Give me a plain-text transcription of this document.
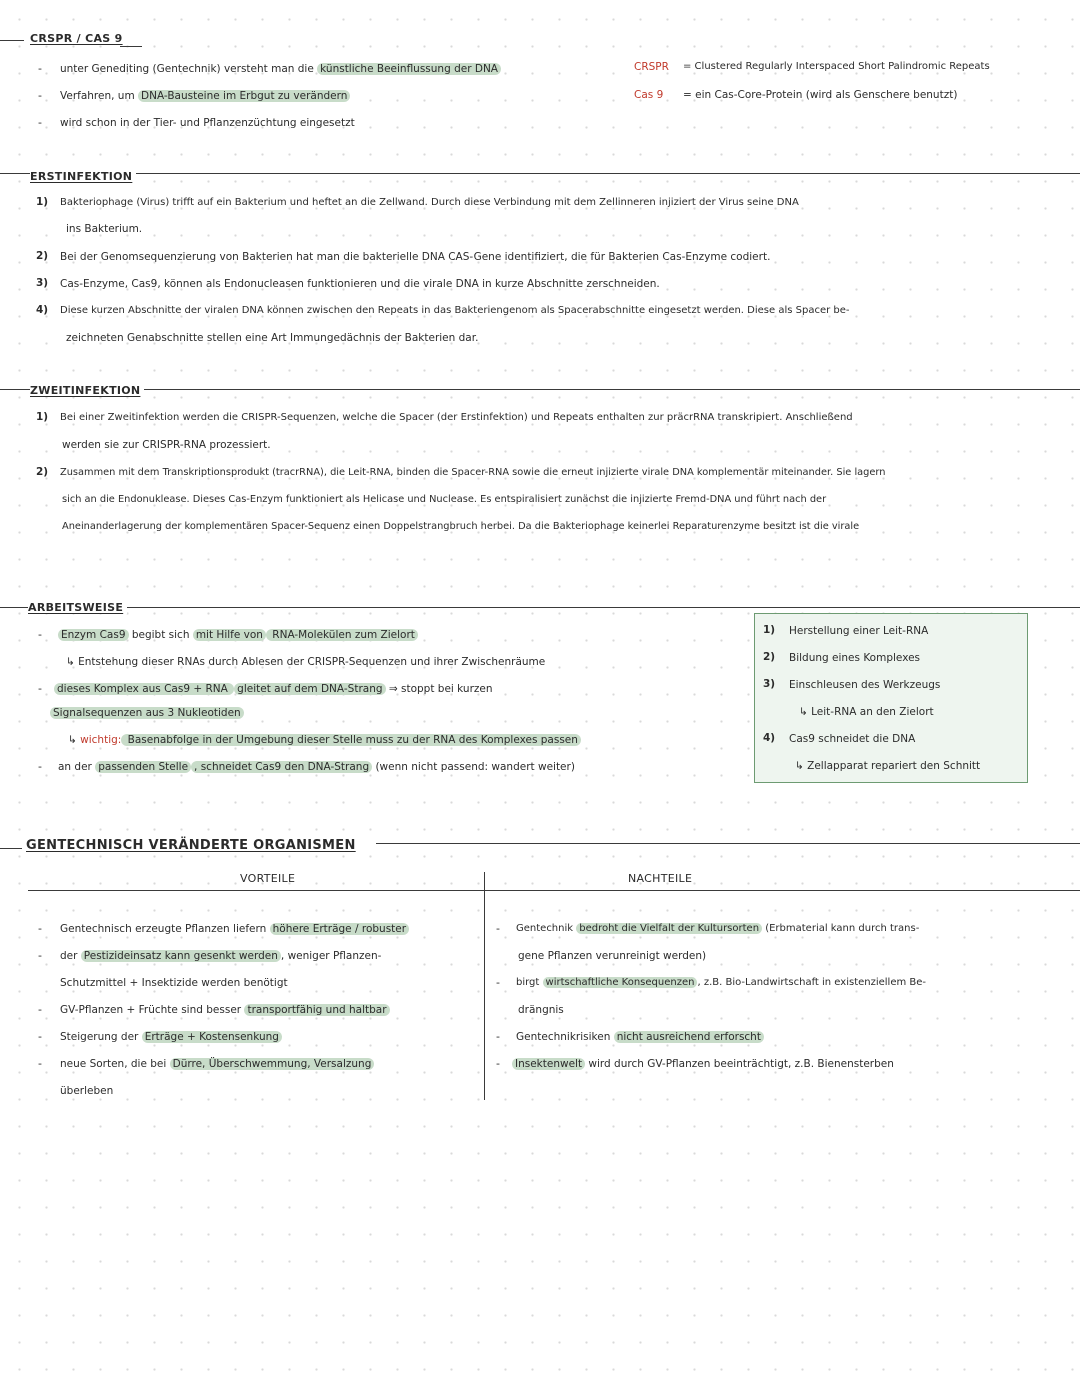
CRSPR / CAS 9
- unter Genediting (Gentechnik) versteht man die künstliche Beeinflussung der DNA
- Verfahren, um DNA-Bausteine im Erbgut zu verändern
- wird schon in der Tier- und Pflanzenzüchtung eingesetzt
CRSPR = Clustered Regularly Interspaced Short Palindromic Repeats
Cas 9 = ein Cas-Core-Protein (wird als Genschere benutzt)
ERSTINFEKTION
1) Bakteriophage (Virus) trifft auf ein Bakterium und heftet an die Zellwand. Durch diese Verbindung mit dem Zellinneren injiziert der Virus seine DNA
ins Bakterium.
2) Bei der Genomsequenzierung von Bakterien hat man die bakterielle DNA CAS-Gene identifiziert, die für Bakterien Cas-Enzyme codiert.
3) Cas-Enzyme, Cas9, können als Endonucleasen funktionieren und die virale DNA in kurze Abschnitte zerschneiden.
4) Diese kurzen Abschnitte der viralen DNA können zwischen den Repeats in das Bakteriengenom als Spacerabschnitte eingesetzt werden. Diese als Spacer be-
zeichneten Genabschnitte stellen eine Art Immungedächnis der Bakterien dar.
ZWEITINFEKTION
1) Bei einer Zweitinfektion werden die CRISPR-Sequenzen, welche die Spacer (der Erstinfektion) und Repeats enthalten zur präcrRNA transkripiert. Anschließend
werden sie zur CRISPR-RNA prozessiert.
2) Zusammen mit dem Transkriptionsprodukt (tracrRNA), die Leit-RNA, binden die Spacer-RNA sowie die erneut injizierte virale DNA komplementär miteinander. Sie lagern
sich an die Endonuklease. Dieses Cas-Enzym funktioniert als Helicase und Nuclease. Es entspiralisiert zunächst die injizierte Fremd-DNA und führt nach der
Aneinanderlagerung der komplementären Spacer-Sequenz einen Doppelstrangbruch herbei. Da die Bakteriophage keinerlei Reparaturenzyme besitzt ist die virale
ARBEITSWEISE
- Enzym Cas9 begibt sich mit Hilfe von RNA-Molekülen zum Zielort
↳ Entstehung dieser RNAs durch Ablesen der CRISPR-Sequenzen und ihrer Zwischenräume
- dieses Komplex aus Cas9 + RNA gleitet auf dem DNA-Strang ⇒ stoppt bei kurzen
Signalsequenzen aus 3 Nukleotiden
↳ wichtig: Basenabfolge in der Umgebung dieser Stelle muss zu der RNA des Komplexes passen
- an der passenden Stelle , schneidet Cas9 den DNA-Strang (wenn nicht passend: wandert weiter)
1) Herstellung einer Leit-RNA
2) Bildung eines Komplexes
3) Einschleusen des Werkzeugs
↳ Leit-RNA an den Zielort
4) Cas9 schneidet die DNA
↳ Zellapparat repariert den Schnitt
GENTECHNISCH VERÄNDERTE ORGANISMEN
VORTEILE	NACHTEILE
- Gentechnisch erzeugte Pflanzen liefern höhere Erträge / robuster
- der Pestizideinsatz kann gesenkt werden , weniger Pflanzen-
Schutzmittel + Insektizide werden benötigt
- GV-Pflanzen + Früchte sind besser transportfähig und haltbar
- Steigerung der Erträge + Kostensenkung
- neue Sorten, die bei Dürre, Überschwemmung, Versalzung
überleben
- Gentechnik bedroht die Vielfalt der Kultursorten (Erbmaterial kann durch trans-
gene Pflanzen verunreinigt werden)
- birgt wirtschaftliche Konsequenzen , z.B. Bio-Landwirtschaft in existenziellem Be-
drängnis
- Gentechnikrisiken nicht ausreichend erforscht
- Insektenwelt wird durch GV-Pflanzen beeinträchtigt, z.B. Bienensterben
